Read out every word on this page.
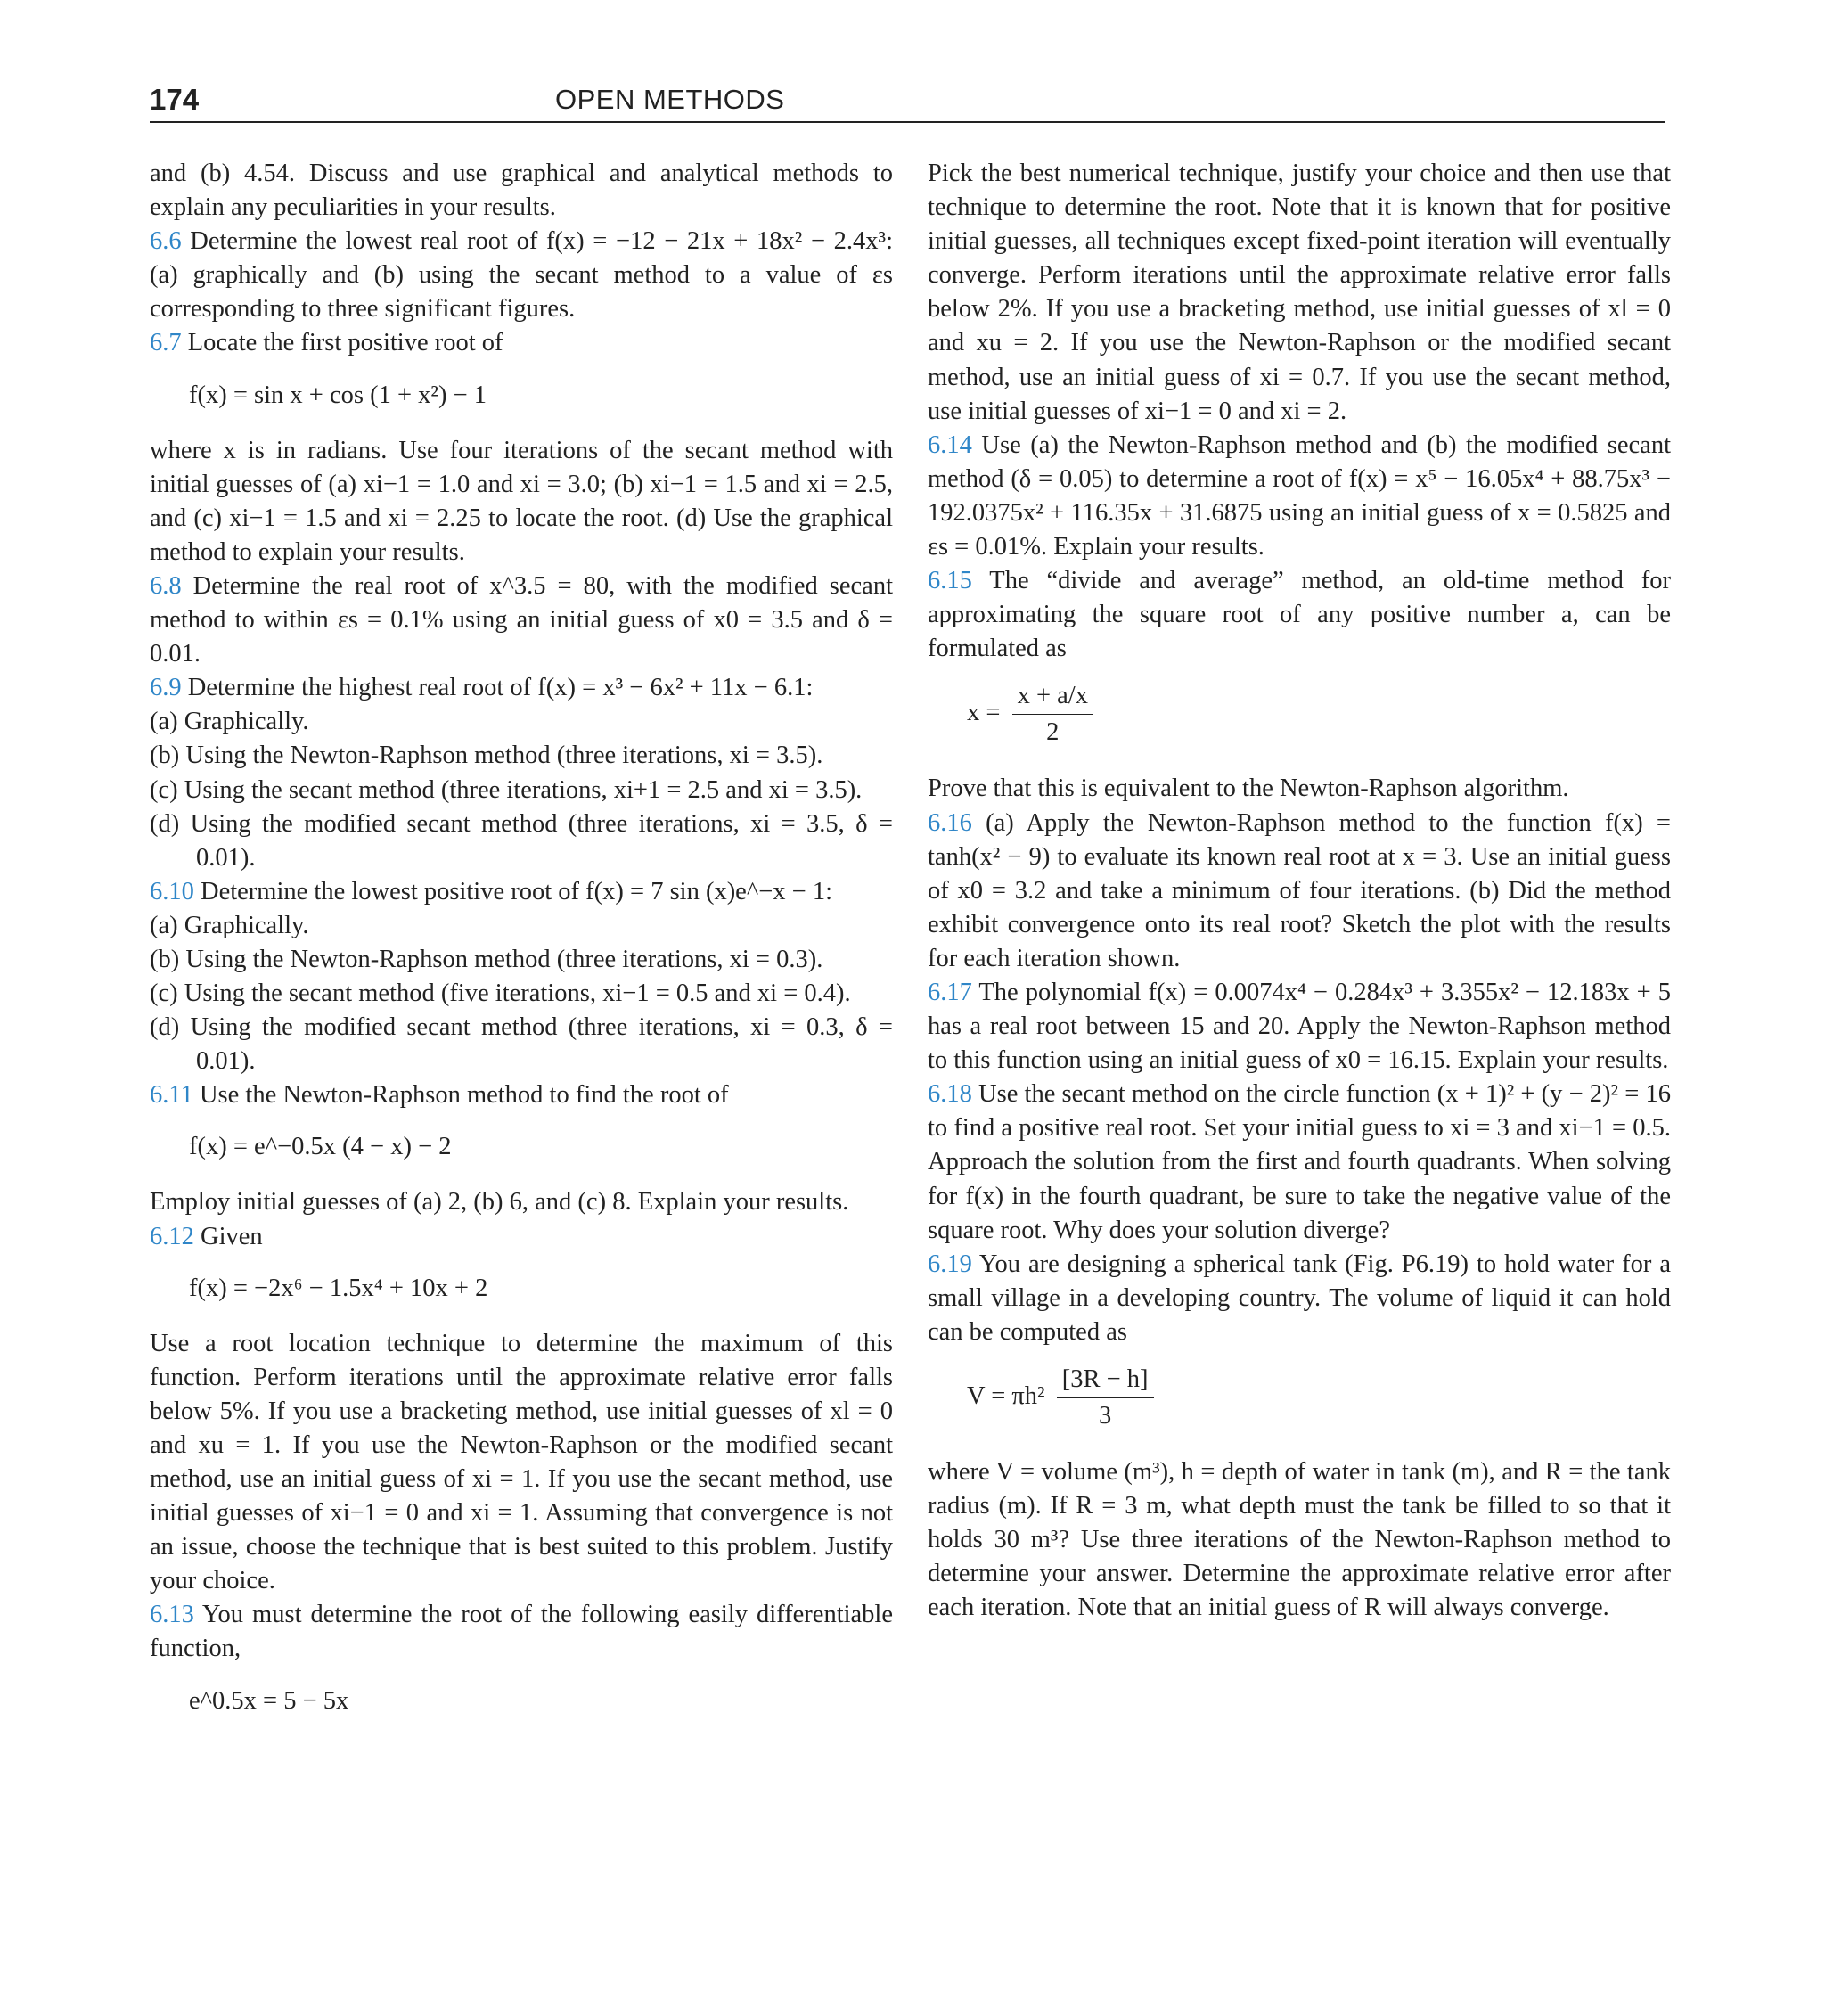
174	OPEN METHODS

and (b) 4.54. Discuss and use graphical and analytical methods to explain any peculiarities in your results.

6.6 Determine the lowest real root of f(x) = −12 − 21x + 18x² − 2.4x³: (a) graphically and (b) using the secant method to a value of εs corresponding to three significant figures.

6.7 Locate the first positive root of

f(x) = sin x + cos (1 + x²) − 1

where x is in radians. Use four iterations of the secant method with initial guesses of (a) xi−1 = 1.0 and xi = 3.0; (b) xi−1 = 1.5 and xi = 2.5, and (c) xi−1 = 1.5 and xi = 2.25 to locate the root. (d) Use the graphical method to explain your results.

6.8 Determine the real root of x^3.5 = 80, with the modified secant method to within εs = 0.1% using an initial guess of x0 = 3.5 and δ = 0.01.

6.9 Determine the highest real root of f(x) = x³ − 6x² + 11x − 6.1:

(a) Graphically.

(b) Using the Newton-Raphson method (three iterations, xi = 3.5).

(c) Using the secant method (three iterations, xi+1 = 2.5 and xi = 3.5).

(d) Using the modified secant method (three iterations, xi = 3.5, δ = 0.01).

6.10 Determine the lowest positive root of f(x) = 7 sin (x)e^−x − 1:

(a) Graphically.

(b) Using the Newton-Raphson method (three iterations, xi = 0.3).

(c) Using the secant method (five iterations, xi−1 = 0.5 and xi = 0.4).

(d) Using the modified secant method (three iterations, xi = 0.3, δ = 0.01).

6.11 Use the Newton-Raphson method to find the root of

f(x) = e^−0.5x (4 − x) − 2

Employ initial guesses of (a) 2, (b) 6, and (c) 8. Explain your results.

6.12 Given

f(x) = −2x⁶ − 1.5x⁴ + 10x + 2

Use a root location technique to determine the maximum of this function. Perform iterations until the approximate relative error falls below 5%. If you use a bracketing method, use initial guesses of xl = 0 and xu = 1. If you use the Newton-Raphson or the modified secant method, use an initial guess of xi = 1. If you use the secant method, use initial guesses of xi−1 = 0 and xi = 1. Assuming that convergence is not an issue, choose the technique that is best suited to this problem. Justify your choice.

6.13 You must determine the root of the following easily differentiable function,

e^0.5x = 5 − 5x

Pick the best numerical technique, justify your choice and then use that technique to determine the root. Note that it is known that for positive initial guesses, all techniques except fixed-point iteration will eventually converge. Perform iterations until the approximate relative error falls below 2%. If you use a bracketing method, use initial guesses of xl = 0 and xu = 2. If you use the Newton-Raphson or the modified secant method, use an initial guess of xi = 0.7. If you use the secant method, use initial guesses of xi−1 = 0 and xi = 2.

6.14 Use (a) the Newton-Raphson method and (b) the modified secant method (δ = 0.05) to determine a root of f(x) = x⁵ − 16.05x⁴ + 88.75x³ − 192.0375x² + 116.35x + 31.6875 using an initial guess of x = 0.5825 and εs = 0.01%. Explain your results.

6.15 The “divide and average” method, an old-time method for approximating the square root of any positive number a, can be formulated as

$x = \frac{x + a/x}{2}$

Prove that this is equivalent to the Newton-Raphson algorithm.

6.16 (a) Apply the Newton-Raphson method to the function f(x) = tanh(x² − 9) to evaluate its known real root at x = 3. Use an initial guess of x0 = 3.2 and take a minimum of four iterations. (b) Did the method exhibit convergence onto its real root? Sketch the plot with the results for each iteration shown.

6.17 The polynomial f(x) = 0.0074x⁴ − 0.284x³ + 3.355x² − 12.183x + 5 has a real root between 15 and 20. Apply the Newton-Raphson method to this function using an initial guess of x0 = 16.15. Explain your results.

6.18 Use the secant method on the circle function (x + 1)² + (y − 2)² = 16 to find a positive real root. Set your initial guess to xi = 3 and xi−1 = 0.5. Approach the solution from the first and fourth quadrants. When solving for f(x) in the fourth quadrant, be sure to take the negative value of the square root. Why does your solution diverge?

6.19 You are designing a spherical tank (Fig. P6.19) to hold water for a small village in a developing country. The volume of liquid it can hold can be computed as

$V = \pi h^2 \frac{[3R - h]}{3}$

where V = volume (m³), h = depth of water in tank (m), and R = the tank radius (m). If R = 3 m, what depth must the tank be filled to so that it holds 30 m³? Use three iterations of the Newton-Raphson method to determine your answer. Determine the approximate relative error after each iteration. Note that an initial guess of R will always converge.
